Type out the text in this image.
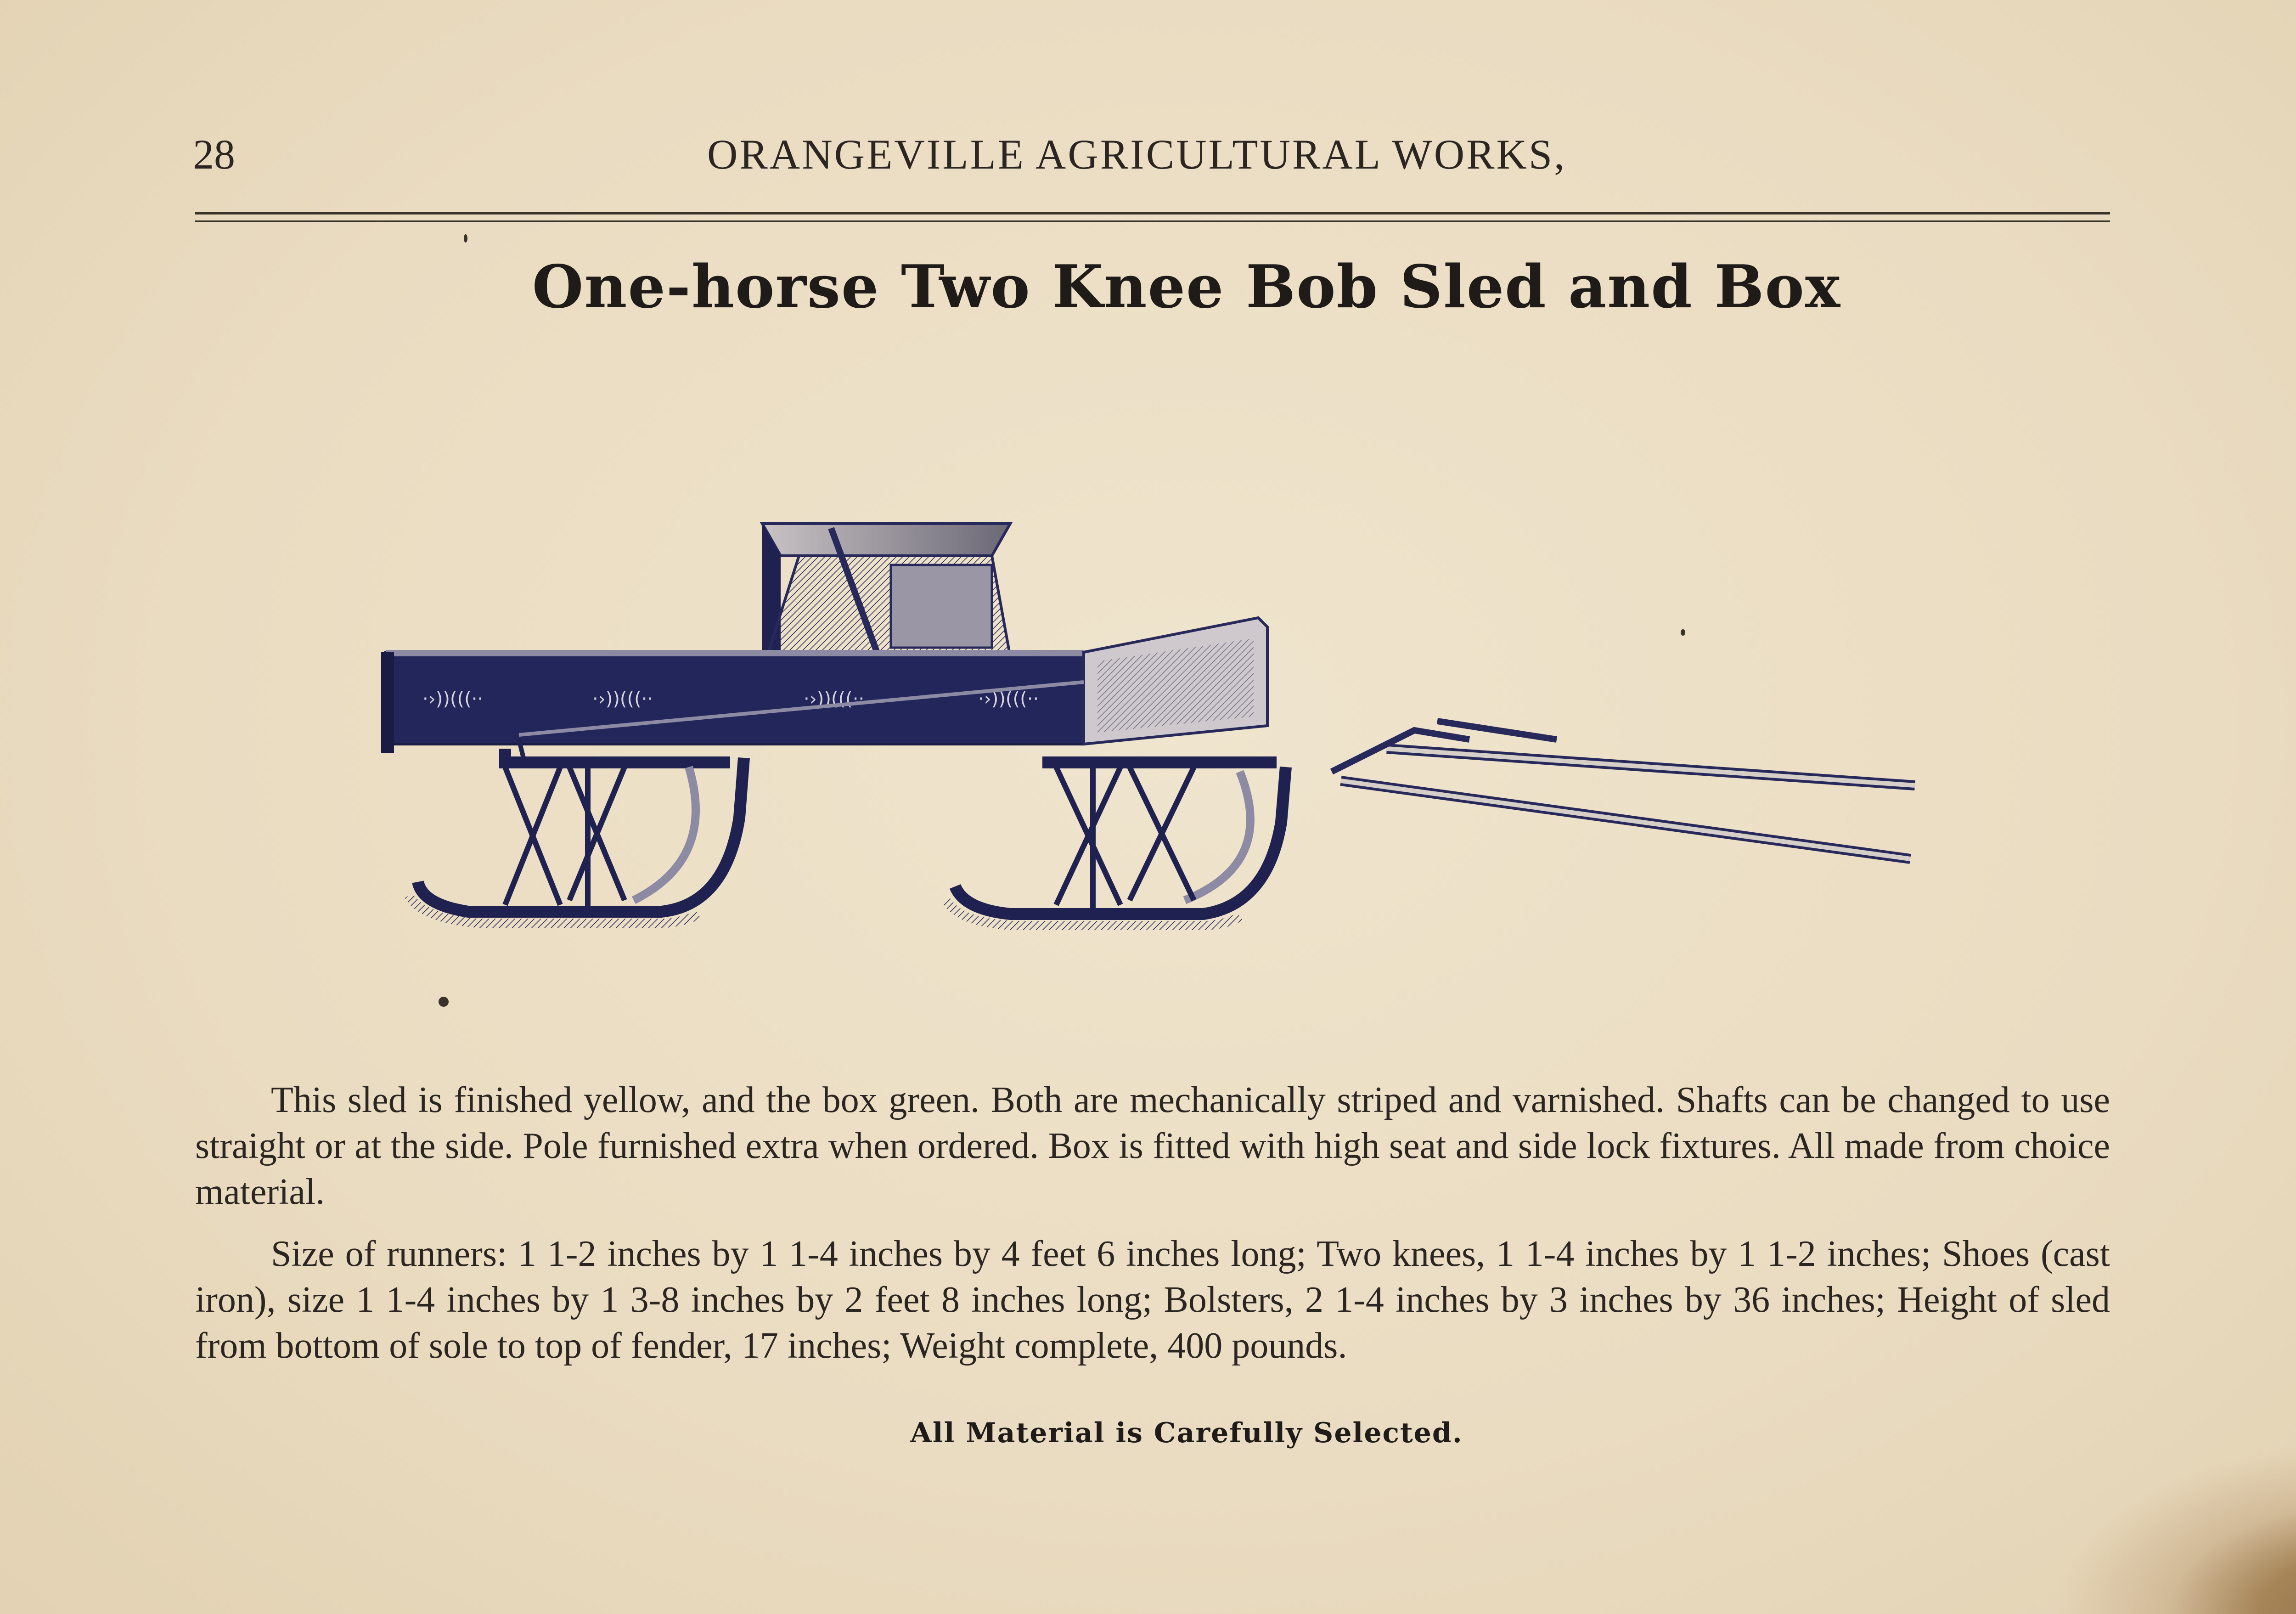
28	ORANGEVILLE AGRICULTURAL WORKS,
One-horse Two Knee Bob Sled and Box
·›))(((··	·›))(((··	·›))(((··	·›))(((··
This sled is finished yellow, and the box green. Both are mechanically striped and varnished. Shafts can be changed to use straight or at the side. Pole furnished extra when ordered. Box is fitted with high seat and side lock fixtures. All made from choice material.
Size of runners: 1 1-2 inches by 1 1-4 inches by 4 feet 6 inches long; Two knees, 1 1-4 inches by 1 1-2 inches; Shoes (cast iron), size 1 1-4 inches by 1 3-8 inches by 2 feet 8 inches long; Bolsters, 2 1-4 inches by 3 inches by 36 inches; Height of sled from bottom of sole to top of fender, 17 inches; Weight complete, 400 pounds.
All Material is Carefully Selected.
